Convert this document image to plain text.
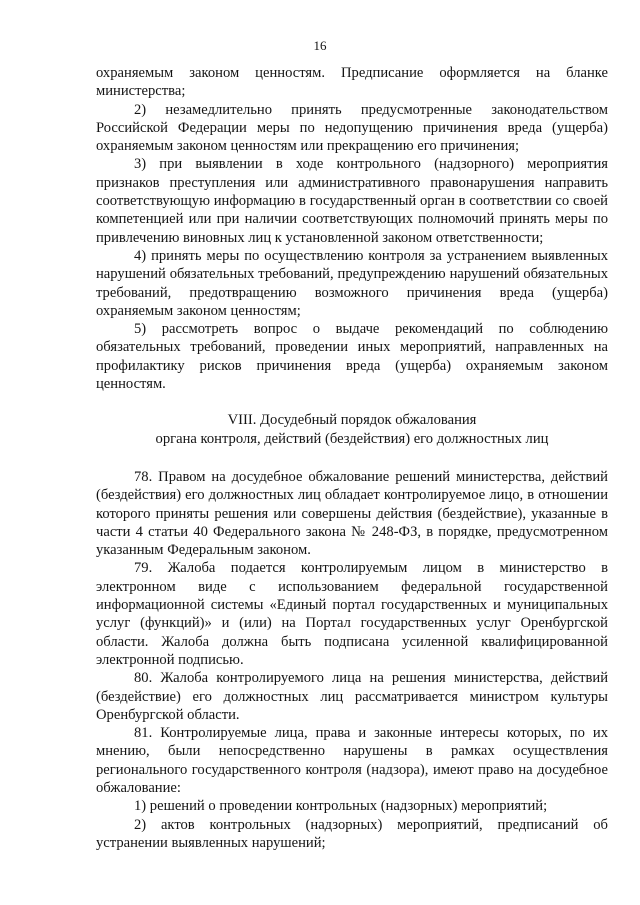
16

охраняемым законом ценностям. Предписание оформляется на бланке министерства;

2) незамедлительно принять предусмотренные законодательством Российской Федерации меры по недопущению причинения вреда (ущерба) охраняемым законом ценностям или прекращению его причинения;

3) при выявлении в ходе контрольного (надзорного) мероприятия признаков преступления или административного правонарушения направить соответствующую информацию в государственный орган в соответствии со своей компетенцией или при наличии соответствующих полномочий принять меры по привлечению виновных лиц к установленной законом ответственности;

4) принять меры по осуществлению контроля за устранением выявленных нарушений обязательных требований, предупреждению нарушений обязательных требований, предотвращению возможного причинения вреда (ущерба) охраняемым законом ценностям;

5) рассмотреть вопрос о выдаче рекомендаций по соблюдению обязательных требований, проведении иных мероприятий, направленных на профилактику рисков причинения вреда (ущерба) охраняемым законом ценностям.

VIII. Досудебный порядок обжалования
органа контроля, действий (бездействия) его должностных лиц

78. Правом на досудебное обжалование решений министерства, действий (бездействия) его должностных лиц обладает контролируемое лицо, в отношении которого приняты решения или совершены действия (бездействие), указанные в части 4 статьи 40 Федерального закона № 248-ФЗ, в порядке, предусмотренном указанным Федеральным законом.

79. Жалоба подается контролируемым лицом в министерство в электронном виде с использованием федеральной государственной информационной системы «Единый портал государственных и муниципальных услуг (функций)» и (или) на Портал государственных услуг Оренбургской области. Жалоба должна быть подписана усиленной квалифицированной электронной подписью.

80. Жалоба контролируемого лица на решения министерства, действий (бездействие) его должностных лиц рассматривается министром культуры Оренбургской области.

81. Контролируемые лица, права и законные интересы которых, по их мнению, были непосредственно нарушены в рамках осуществления регионального государственного контроля (надзора), имеют право на досудебное обжалование:

1) решений о проведении контрольных (надзорных) мероприятий;

2) актов контрольных (надзорных) мероприятий, предписаний об устранении выявленных нарушений;
